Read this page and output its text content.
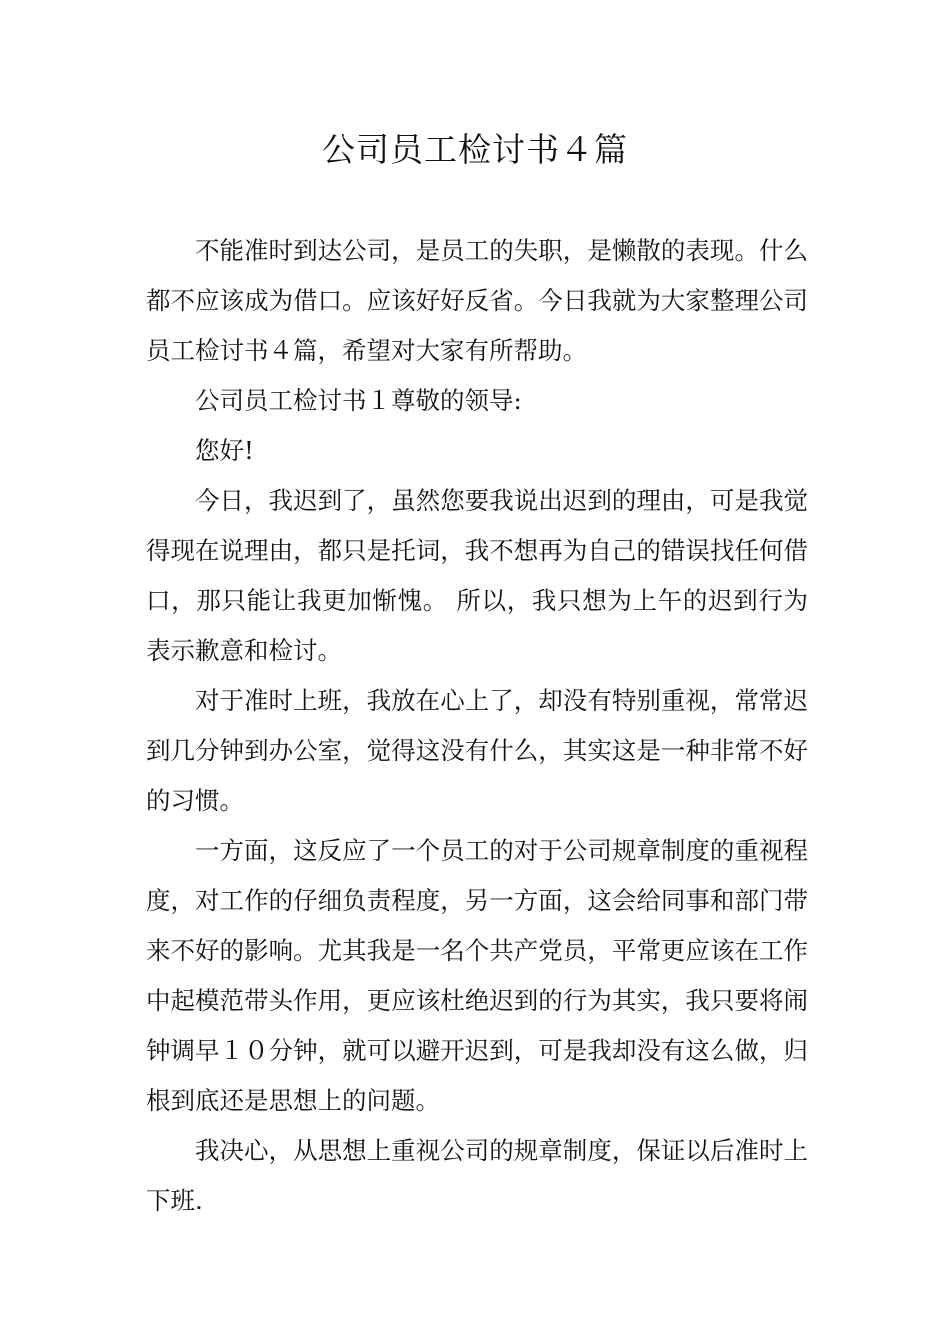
公司员工检讨书４篇

不能准时到达公司，是员工的失职，是懒散的表现。什么都不应该成为借口。应该好好反省。今日我就为大家整理公司员工检讨书４篇，希望对大家有所帮助。

公司员工检讨书１尊敬的领导:

您好!

今日，我迟到了，虽然您要我说出迟到的理由，可是我觉得现在说理由，都只是托词，我不想再为自己的错误找任何借口，那只能让我更加惭愧。 所以，我只想为上午的迟到行为表示歉意和检讨。

对于准时上班，我放在心上了，却没有特别重视，常常迟到几分钟到办公室，觉得这没有什么，其实这是一种非常不好的习惯。

一方面，这反应了一个员工的对于公司规章制度的重视程度，对工作的仔细负责程度，另一方面，这会给同事和部门带来不好的影响。尤其我是一名个共产党员，平常更应该在工作中起模范带头作用，更应该杜绝迟到的行为其实，我只要将闹钟调早１０分钟，就可以避开迟到，可是我却没有这么做，归根到底还是思想上的问题。

我决心，从思想上重视公司的规章制度，保证以后准时上下班.
